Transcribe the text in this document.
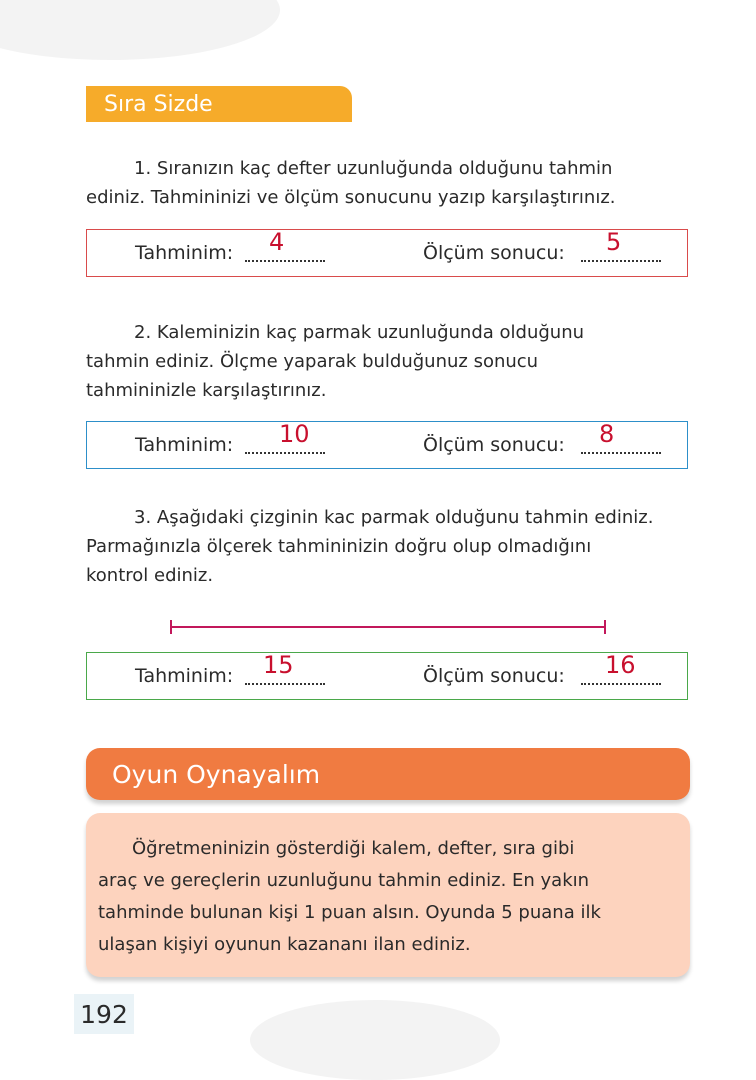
Sıra Sizde

1. Sıranızın kaç defter uzunluğunda olduğunu tahmin
ediniz. Tahmininizi ve ölçüm sonucunu yazıp karşılaştırınız.

Tahminim: 4	Ölçüm sonucu: 5

2. Kaleminizin kaç parmak uzunluğunda olduğunu
tahmin ediniz. Ölçme yaparak bulduğunuz sonucu
tahmininizle karşılaştırınız.

Tahminim: 10	Ölçüm sonucu: 8

3. Aşağıdaki çizginin kac parmak olduğunu tahmin ediniz.
Parmağınızla ölçerek tahmininizin doğru olup olmadığını
kontrol ediniz.

Tahminim: 15	Ölçüm sonucu: 16
Oyun Oynayalım
Öğretmeninizin gösterdiği kalem, defter, sıra gibi
araç ve gereçlerin uzunluğunu tahmin ediniz. En yakın
tahminde bulunan kişi 1 puan alsın. Oyunda 5 puana ilk
ulaşan kişiyi oyunun kazananı ilan ediniz.
192
